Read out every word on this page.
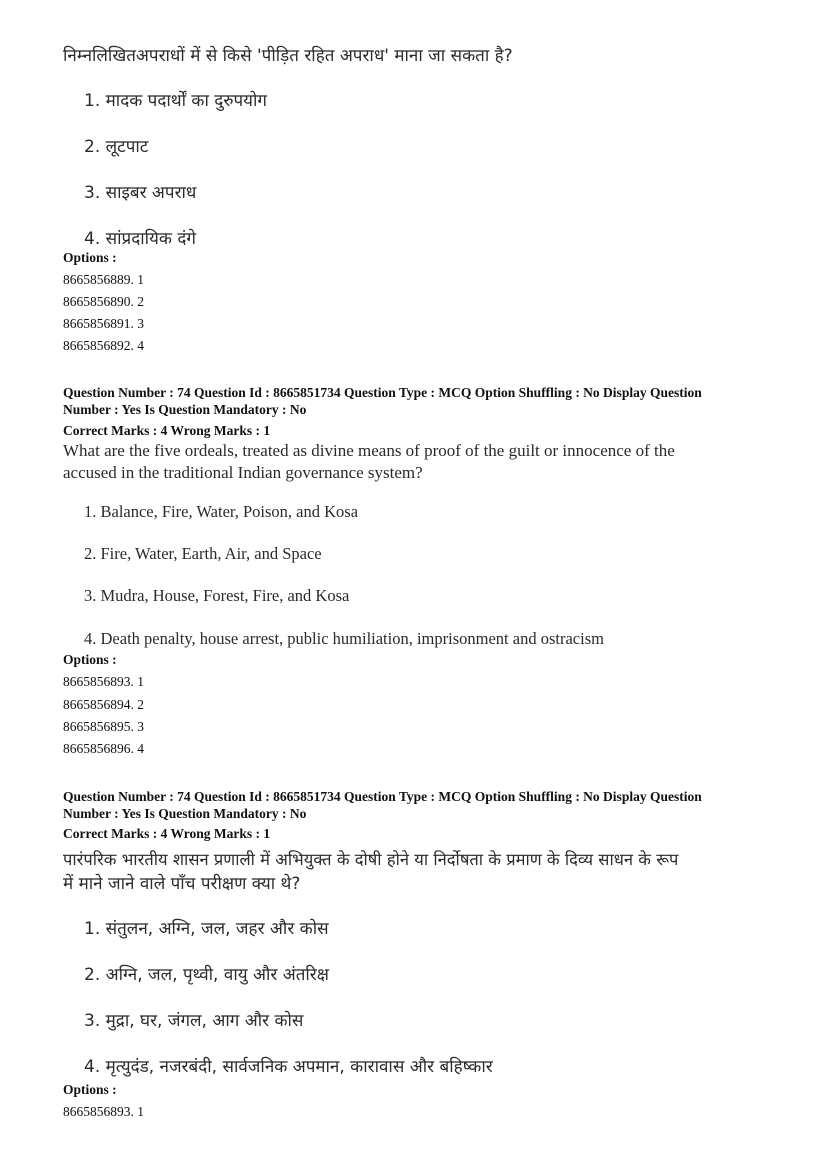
निम्नलिखितअपराधों में से किसे 'पीड़ित रहित अपराध' माना जा सकता है?
1. मादक पदार्थों का दुरुपयोग
2. लूटपाट
3. साइबर अपराध
4. सांप्रदायिक दंगे
Options :
8665856889. 1
8665856890. 2
8665856891. 3
8665856892. 4
Question Number : 74 Question Id : 8665851734 Question Type : MCQ Option Shuffling : No Display Question
Number : Yes Is Question Mandatory : No
Correct Marks : 4 Wrong Marks : 1
What are the five ordeals, treated as divine means of proof of the guilt or innocence of the
accused in the traditional Indian governance system?
1. Balance, Fire, Water, Poison, and Kosa
2. Fire, Water, Earth, Air, and Space
3. Mudra, House, Forest, Fire, and Kosa
4. Death penalty, house arrest, public humiliation, imprisonment and ostracism
Options :
8665856893. 1
8665856894. 2
8665856895. 3
8665856896. 4
Question Number : 74 Question Id : 8665851734 Question Type : MCQ Option Shuffling : No Display Question
Number : Yes Is Question Mandatory : No
Correct Marks : 4 Wrong Marks : 1
पारंपरिक भारतीय शासन प्रणाली में अभियुक्त के दोषी होने या निर्दोषता के प्रमाण के दिव्य साधन के रूप
में माने जाने वाले पाँच परीक्षण क्या थे?
1. संतुलन, अग्नि, जल, जहर और कोस
2. अग्नि, जल, पृथ्वी, वायु और अंतरिक्ष
3. मुद्रा, घर, जंगल, आग और कोस
4. मृत्युदंड, नजरबंदी, सार्वजनिक अपमान, कारावास और बहिष्कार
Options :
8665856893. 1
